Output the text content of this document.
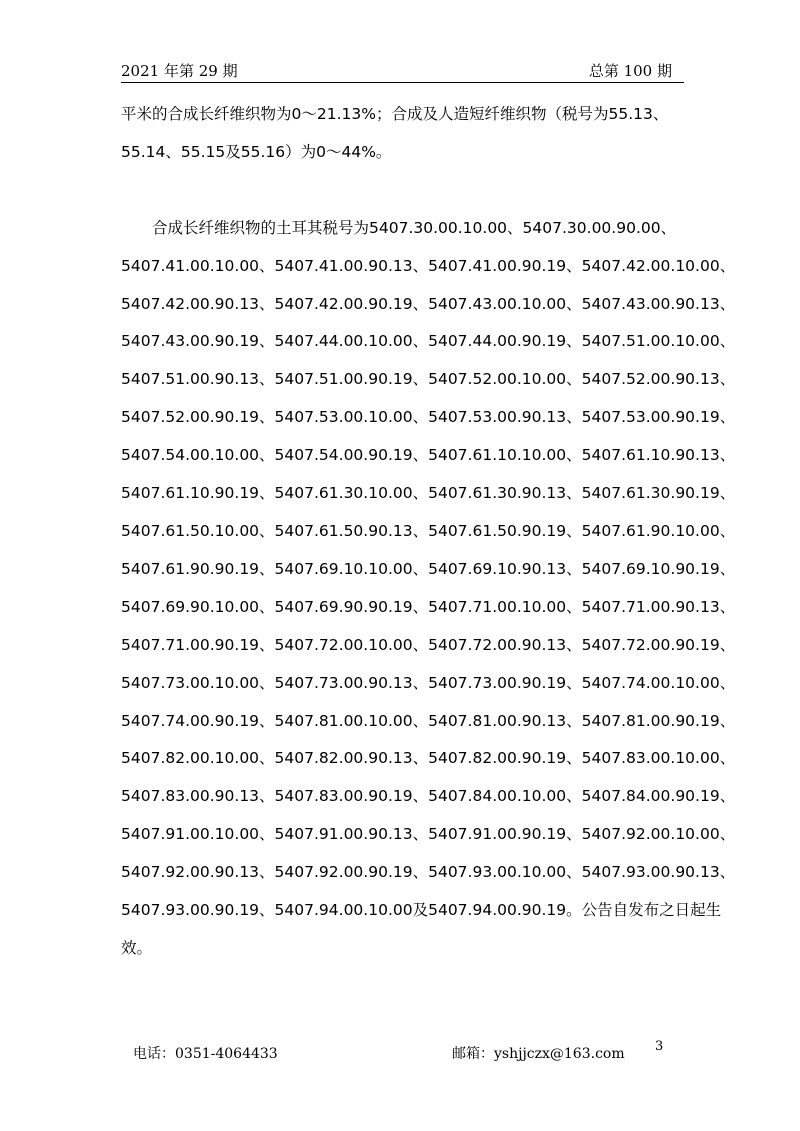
2021 年第 29 期	总第 100 期
平米的合成长纤维织物为0～21.13%；合成及人造短纤维织物（税号为55.13、
55.14、55.15及55.16）为0～44%。

合成长纤维织物的土耳其税号为5407.30.00.10.00、5407.30.00.90.00、
5407.41.00.10.00、5407.41.00.90.13、5407.41.00.90.19、5407.42.00.10.00、
5407.42.00.90.13、5407.42.00.90.19、5407.43.00.10.00、5407.43.00.90.13、
5407.43.00.90.19、5407.44.00.10.00、5407.44.00.90.19、5407.51.00.10.00、
5407.51.00.90.13、5407.51.00.90.19、5407.52.00.10.00、5407.52.00.90.13、
5407.52.00.90.19、5407.53.00.10.00、5407.53.00.90.13、5407.53.00.90.19、
5407.54.00.10.00、5407.54.00.90.19、5407.61.10.10.00、5407.61.10.90.13、
5407.61.10.90.19、5407.61.30.10.00、5407.61.30.90.13、5407.61.30.90.19、
5407.61.50.10.00、5407.61.50.90.13、5407.61.50.90.19、5407.61.90.10.00、
5407.61.90.90.19、5407.69.10.10.00、5407.69.10.90.13、5407.69.10.90.19、
5407.69.90.10.00、5407.69.90.90.19、5407.71.00.10.00、5407.71.00.90.13、
5407.71.00.90.19、5407.72.00.10.00、5407.72.00.90.13、5407.72.00.90.19、
5407.73.00.10.00、5407.73.00.90.13、5407.73.00.90.19、5407.74.00.10.00、
5407.74.00.90.19、5407.81.00.10.00、5407.81.00.90.13、5407.81.00.90.19、
5407.82.00.10.00、5407.82.00.90.13、5407.82.00.90.19、5407.83.00.10.00、
5407.83.00.90.13、5407.83.00.90.19、5407.84.00.10.00、5407.84.00.90.19、
5407.91.00.10.00、5407.91.00.90.13、5407.91.00.90.19、5407.92.00.10.00、
5407.92.00.90.13、5407.92.00.90.19、5407.93.00.10.00、5407.93.00.90.13、
5407.93.00.90.19、5407.94.00.10.00及5407.94.00.90.19。公告自发布之日起生
效。
电话：0351-4064433	邮箱：yshjjczx@163.com 3
